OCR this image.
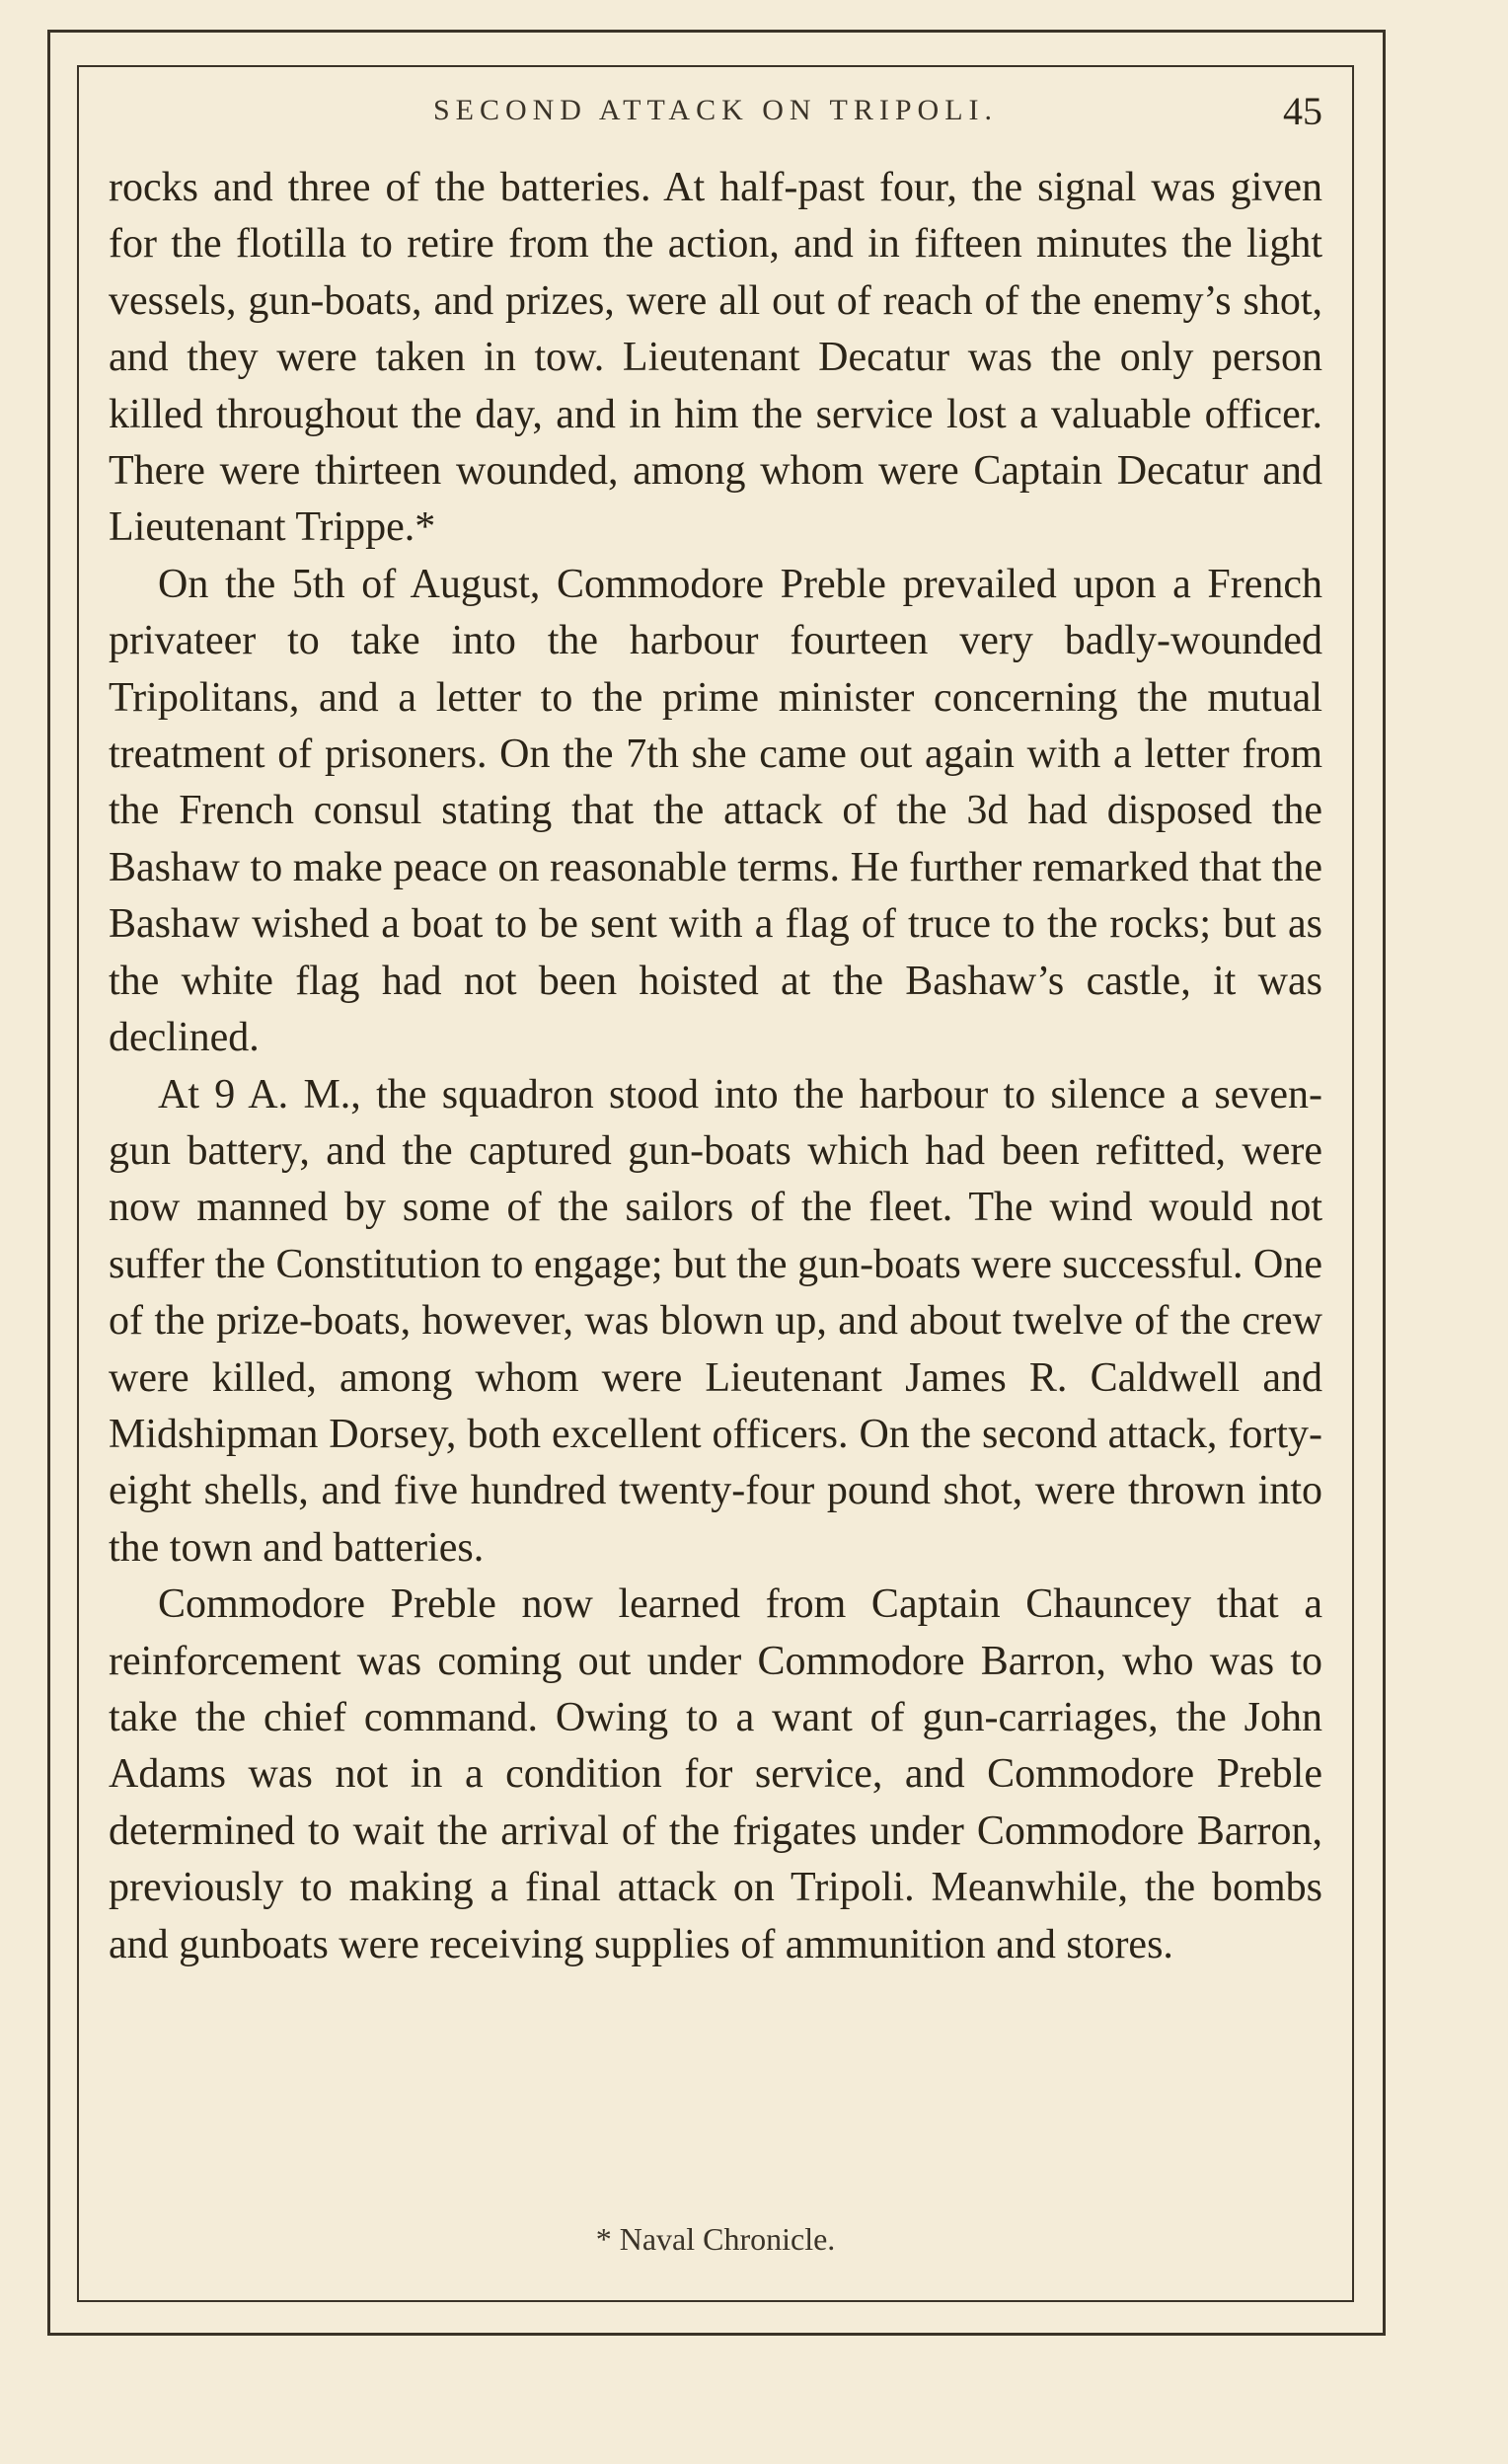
SECOND ATTACK ON TRIPOLI.	45

rocks and three of the batteries. At half-past four, the signal was given for the flotilla to retire from the action, and in fifteen minutes the light vessels, gun-boats, and prizes, were all out of reach of the enemy’s shot, and they were taken in tow. Lieutenant Decatur was the only person killed throughout the day, and in him the service lost a valuable officer. There were thirteen wounded, among whom were Captain Decatur and Lieutenant Trippe.*

On the 5th of August, Commodore Preble prevailed upon a French privateer to take into the harbour fourteen very badly-wounded Tripolitans, and a letter to the prime minister concerning the mutual treatment of prisoners. On the 7th she came out again with a letter from the French consul stating that the attack of the 3d had disposed the Bashaw to make peace on reasonable terms. He further remarked that the Bashaw wished a boat to be sent with a flag of truce to the rocks; but as the white flag had not been hoisted at the Bashaw’s castle, it was declined.

At 9 A. M., the squadron stood into the harbour to silence a seven-gun battery, and the captured gun-boats which had been refitted, were now manned by some of the sailors of the fleet. The wind would not suffer the Constitution to engage; but the gun-boats were successful. One of the prize-boats, however, was blown up, and about twelve of the crew were killed, among whom were Lieutenant James R. Caldwell and Midshipman Dorsey, both excellent officers. On the second attack, forty-eight shells, and five hundred twenty-four pound shot, were thrown into the town and batteries.

Commodore Preble now learned from Captain Chauncey that a reinforcement was coming out under Commodore Barron, who was to take the chief command. Owing to a want of gun-carriages, the John Adams was not in a condition for service, and Commodore Preble determined to wait the arrival of the frigates under Commodore Barron, previously to making a final attack on Tripoli. Meanwhile, the bombs and gunboats were receiving supplies of ammunition and stores.

* Naval Chronicle.
